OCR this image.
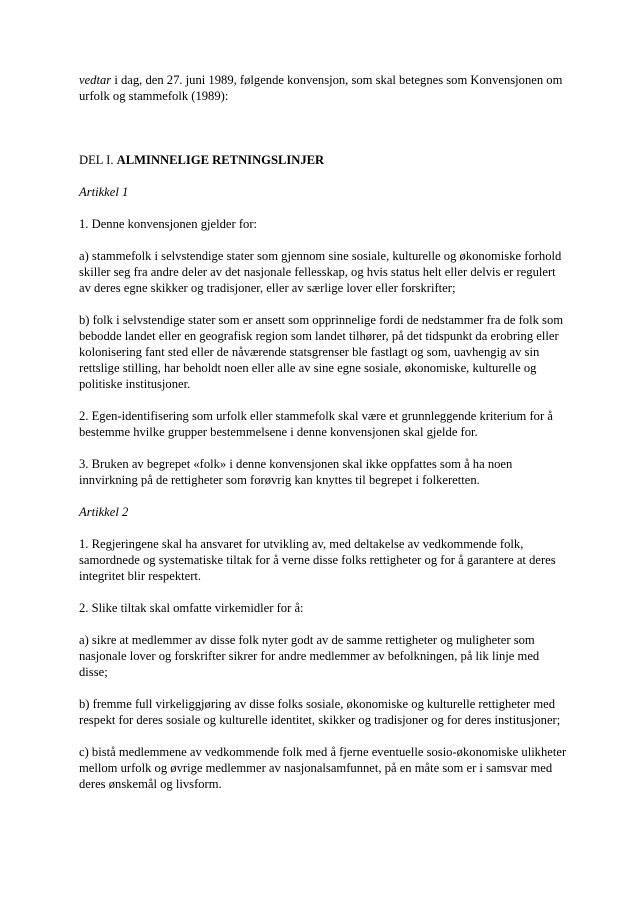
vedtar i dag, den 27. juni 1989, følgende konvensjon, som skal betegnes som Konvensjonen om urfolk og stammefolk (1989):

DEL I. ALMINNELIGE RETNINGSLINJER

Artikkel 1

1. Denne konvensjonen gjelder for:

a) stammefolk i selvstendige stater som gjennom sine sosiale, kulturelle og økonomiske forhold skiller seg fra andre deler av det nasjonale fellesskap, og hvis status helt eller delvis er regulert av deres egne skikker og tradisjoner, eller av særlige lover eller forskrifter;

b) folk i selvstendige stater som er ansett som opprinnelige fordi de nedstammer fra de folk som bebodde landet eller en geografisk region som landet tilhører, på det tidspunkt da erobring eller kolonisering fant sted eller de nåværende statsgrenser ble fastlagt og som, uavhengig av sin rettslige stilling, har beholdt noen eller alle av sine egne sosiale, økonomiske, kulturelle og politiske institusjoner.

2. Egen-identifisering som urfolk eller stammefolk skal være et grunnleggende kriterium for å bestemme hvilke grupper bestemmelsene i denne konvensjonen skal gjelde for.

3. Bruken av begrepet «folk» i denne konvensjonen skal ikke oppfattes som å ha noen innvirkning på de rettigheter som forøvrig kan knyttes til begrepet i folkeretten.

Artikkel 2

1. Regjeringene skal ha ansvaret for utvikling av, med deltakelse av vedkommende folk, samordnede og systematiske tiltak for å verne disse folks rettigheter og for å garantere at deres integritet blir respektert.

2. Slike tiltak skal omfatte virkemidler for å:

a) sikre at medlemmer av disse folk nyter godt av de samme rettigheter og muligheter som nasjonale lover og forskrifter sikrer for andre medlemmer av befolkningen, på lik linje med disse;

b) fremme full virkeliggjøring av disse folks sosiale, økonomiske og kulturelle rettigheter med respekt for deres sosiale og kulturelle identitet, skikker og tradisjoner og for deres institusjoner;

c) bistå medlemmene av vedkommende folk med å fjerne eventuelle sosio-økonomiske ulikheter mellom urfolk og øvrige medlemmer av nasjonalsamfunnet, på en måte som er i samsvar med deres ønskemål og livsform.
